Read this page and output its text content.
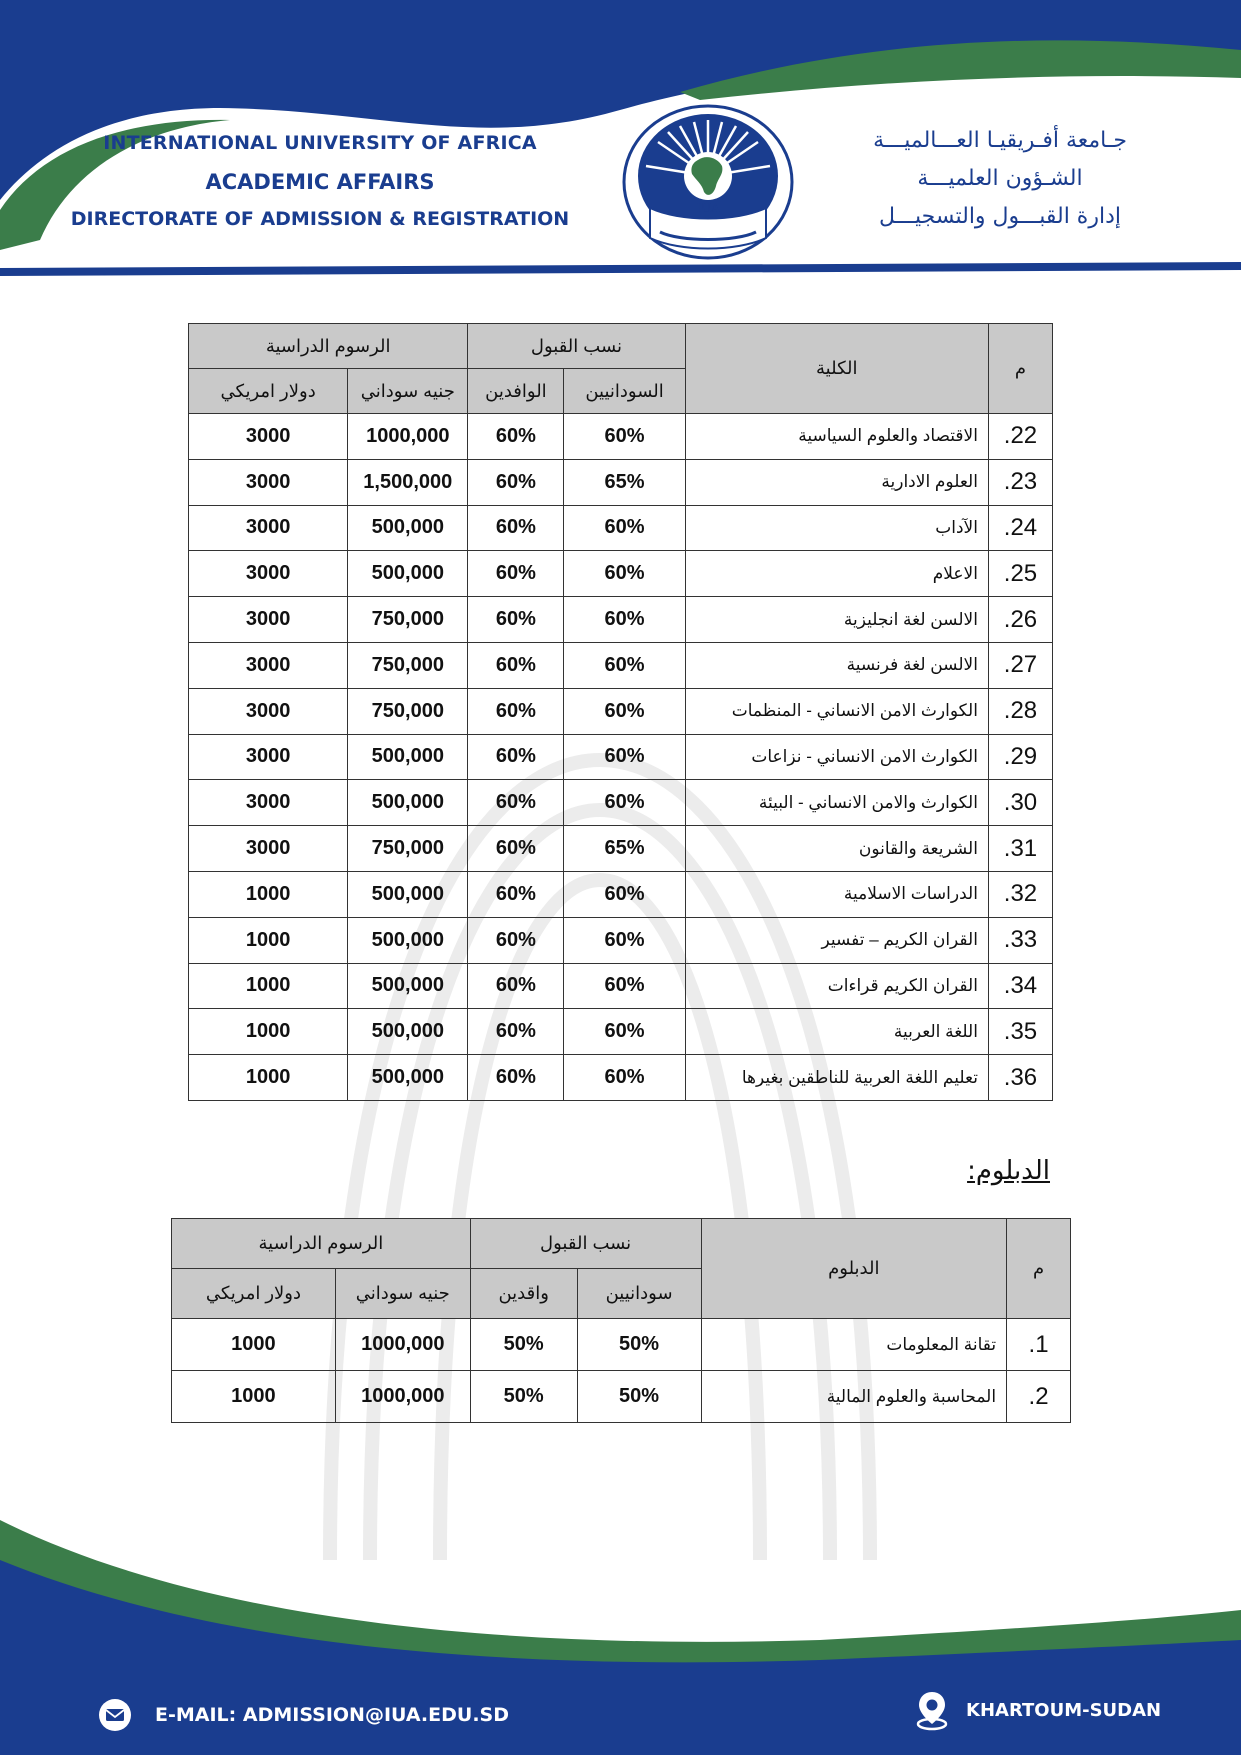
INTERNATIONAL UNIVERSITY OF AFRICA
ACADEMIC AFFAIRS
DIRECTORATE OF ADMISSION & REGISTRATION	IUA
جـامعة أفـريقيـا العـــالميـــة
الشـؤون العلميـــة
إدارة القبـــول والتسجيـــل
م	الكلية	نسب القبول		الرسوم الدراسية	
		السودانيين	الوافدين	جنيه سوداني	دولار امريكي
22.	الاقتصاد والعلوم السياسية	60%	60%	1000,000	3000
23.	العلوم الادارية	65%	60%	1,500,000	3000
24.	الآداب	60%	60%	500,000	3000
25.	الاعلام	60%	60%	500,000	3000
26.	الالسن لغة انجليزية	60%	60%	750,000	3000
27.	الالسن لغة فرنسية	60%	60%	750,000	3000
28.	الكوارث الامن الانساني - المنظمات	60%	60%	750,000	3000
29.	الكوارث الامن الانساني - نزاعات	60%	60%	500,000	3000
30.	الكوارث والامن الانساني - البيئة	60%	60%	500,000	3000
31.	الشريعة والقانون	65%	60%	750,000	3000
32.	الدراسات الاسلامية	60%	60%	500,000	1000
33.	القران الكريم – تفسير	60%	60%	500,000	1000
34.	القران الكريم قراءات	60%	60%	500,000	1000
35.	اللغة العربية	60%	60%	500,000	1000
36.	تعليم اللغة العربية للناطقين بغيرها	60%	60%	500,000	1000
الدبلوم:
م	الدبلوم	نسب القبول		الرسوم الدراسية	
		سودانيين	واقدين	جنيه سوداني	دولار امريكي
1.	تقانة المعلومات	50%	50%	1000,000	1000
2.	المحاسبة والعلوم المالية	50%	50%	1000,000	1000
E-MAIL: ADMISSION@IUA.EDU.SD	KHARTOUM-SUDAN
